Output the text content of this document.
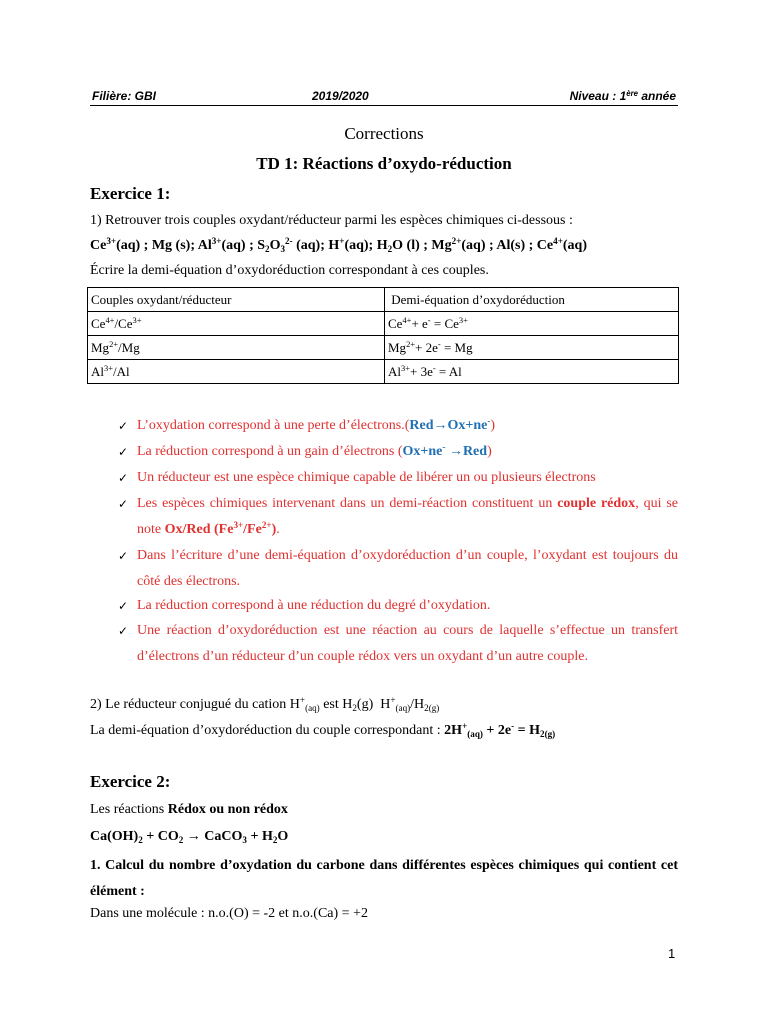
Filière: GBI	2019/2020	Niveau : 1ère année
Corrections
TD 1: Réactions d’oxydo-réduction
Exercice 1:
1) Retrouver trois couples oxydant/réducteur parmi les espèces chimiques ci-dessous :
$Ce^{3+}(aq)$ ; Mg (s); $Al^{3+}(aq)$ ; $S_2O_3^{2-}$ (aq); H+(aq); $H_2O$ (l) ; $Mg^{2+}(aq)$ ; Al(s) ; $Ce^{4+}(aq)$
Écrire la demi-équation d’oxydoréduction correspondant à ces couples.
Couples oxydant/réducteur	Demi-équation d’oxydoréduction
$Ce^{4+}/Ce^{3+}$	$Ce^{4+}+ e^- = Ce^{3+}$
$Mg^{2+}/Mg$	$Mg^{2+}+ 2e^- = Mg$
$Al^{3+}/Al$	$Al^{3+}+ 3e^- = Al$
✓ L’oxydation correspond à une perte d’électrons.(Red→Ox+ne-)
✓ La réduction correspond à un gain d’électrons (Ox+ne- →Red)
✓ Un réducteur est une espèce chimique capable de libérer un ou plusieurs électrons
✓ Les espèces chimiques intervenant dans un demi-réaction constituent un couple rédox, qui se note Ox/Red $(Fe^{3+}/Fe^{2+})$.
✓ Dans l’écriture d’une demi-équation d’oxydoréduction d’un couple, l’oxydant est toujours du côté des électrons.
✓ La réduction correspond à une réduction du degré d’oxydation.
✓ Une réaction d’oxydoréduction est une réaction au cours de laquelle s’effectue un transfert d’électrons d’un réducteur d’un couple rédox vers un oxydant d’un autre couple.
2) Le réducteur conjugué du cation $H^+_{(aq)}$ est $H_2(g)$  $H^+_{(aq)}/H_{2(g)}$
La demi-équation d’oxydoréduction du couple correspondant : $2H^+_{(aq)} + 2e^- = H_{2(g)}$
Exercice 2:
Les réactions Rédox ou non rédox
$Ca(OH)_2 + CO_2$ → CaCO$_3$ + $H_2O$
1. Calcul du nombre d’oxydation du carbone dans différentes espèces chimiques qui contient cet élément :
Dans une molécule : n.o.(O) = -2 et n.o.(Ca) = +2
1
